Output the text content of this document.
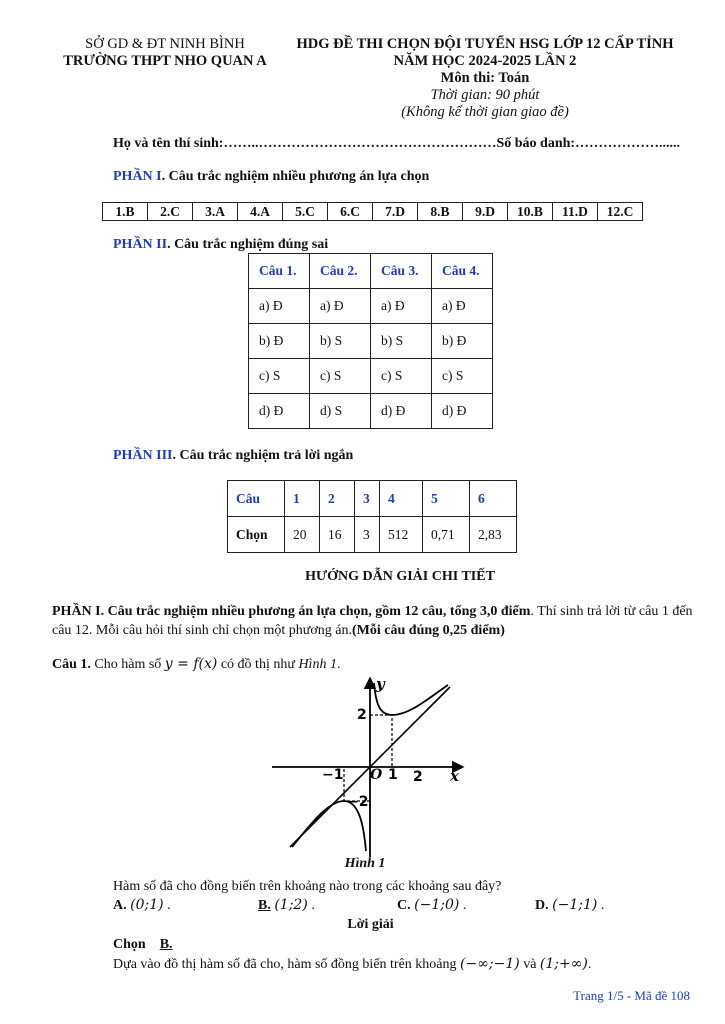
SỞ GD & ĐT NINH BÌNH
TRƯỜNG THPT NHO QUAN A
HDG ĐỀ THI CHỌN ĐỘI TUYỂN HSG LỚP 12 CẤP TỈNH
NĂM HỌC 2024-2025 LẦN 2
Môn thi: Toán
Thời gian: 90 phút
(Không kể thời gian giao đề)
Họ và tên thí sinh:……..……………………………………………Số báo danh:………………......
PHẦN I. Câu trắc nghiệm nhiều phương án lựa chọn
1.B	2.C	3.A	4.A	5.C	6.C	7.D	8.B	9.D	10.B	11.D	12.C
PHẦN II. Câu trắc nghiệm đúng sai
Câu 1.	Câu 2.	Câu 3.	Câu 4.
a) Đ	a) Đ	a) Đ	a) Đ
b) Đ	b) S	b) S	b) Đ
c) S	c) S	c) S	c) S
d) Đ	d) S	d) Đ	d) Đ
PHẦN III. Câu trắc nghiệm trả lời ngắn
Câu	1	2	3	4	5	6
Chọn	20	16	3	512	0,71	2,83
HƯỚNG DẪN GIẢI CHI TIẾT
PHẦN I. Câu trắc nghiệm nhiều phương án lựa chọn, gồm 12 câu, tổng 3,0 điểm. Thí sinh trả lời từ câu 1 đến câu 12. Mỗi câu hỏi thí sinh chỉ chọn một phương án.(Mỗi câu đúng 0,25 điểm)
Câu 1. Cho hàm số y = f(x) có đồ thị như Hình 1.
y
x
2
−1 O 1 2
−2
Hình 1
Hàm số đã cho đồng biến trên khoảng nào trong các khoảng sau đây?
A. (0;1) .	B. (1;2) .	C. (−1;0) .	D. (−1;1) .
Lời giải
Chọn B.
Dựa vào đồ thị hàm số đã cho, hàm số đồng biến trên khoảng (−∞;−1) và (1;+∞).
Trang 1/5 - Mã đề 108
